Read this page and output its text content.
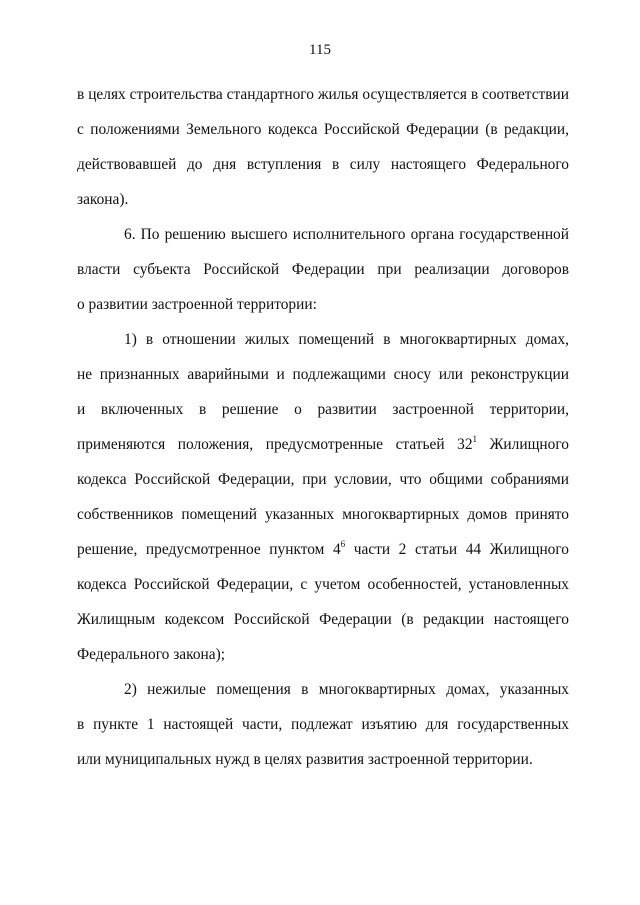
115
в целях строительства стандартного жилья осуществляется в соответствии
с положениями Земельного кодекса Российской Федерации (в редакции,
действовавшей до дня вступления в силу настоящего Федерального
закона).
6. По решению высшего исполнительного органа государственной
власти субъекта Российской Федерации при реализации договоров
о развитии застроенной территории:
1) в отношении жилых помещений в многоквартирных домах,
не признанных аварийными и подлежащими сносу или реконструкции
и включенных в решение о развитии застроенной территории,
применяются положения, предусмотренные статьей $32^1$ Жилищного
кодекса Российской Федерации, при условии, что общими собраниями
собственников помещений указанных многоквартирных домов принято
решение, предусмотренное пунктом $4^6$ части 2 статьи 44 Жилищного
кодекса Российской Федерации, с учетом особенностей, установленных
Жилищным кодексом Российской Федерации (в редакции настоящего
Федерального закона);
2) нежилые помещения в многоквартирных домах, указанных
в пункте 1 настоящей части, подлежат изъятию для государственных
или муниципальных нужд в целях развития застроенной территории.
